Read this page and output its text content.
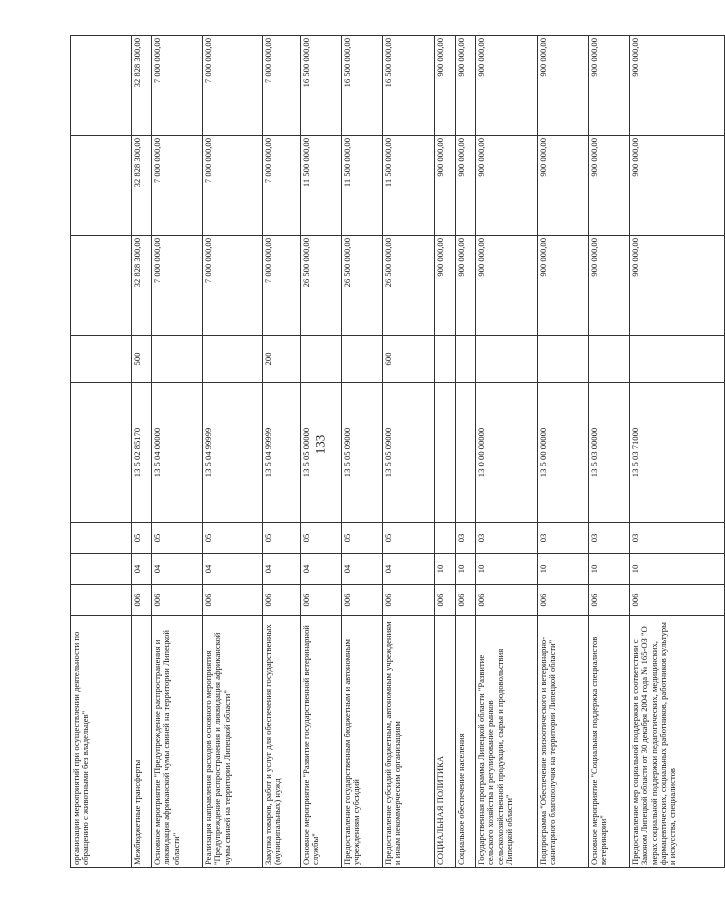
133
организации мероприятий при осуществлении деятельности по обращению с животными без владельцев"								
Межбюджетные трансферты	006	04	05	13 5 02 85170	500	32 828 300,00	32 828 300,00	32 828 300,00
Основное мероприятие "Предупреждение распространения и ликвидация африканской чумы свиней на территории Липецкой области"	006	04	05	13 5 04 00000		7 000 000,00	7 000 000,00	7 000 000,00
Реализация направления расходов основного мероприятия "Предупреждение распространения и ликвидация африканской чумы свиней на территории Липецкой области"	006	04	05	13 5 04 99999		7 000 000,00	7 000 000,00	7 000 000,00
Закупка товаров, работ и услуг для обеспечения государственных (муниципальных) нужд	006	04	05	13 5 04 99999	200	7 000 000,00	7 000 000,00	7 000 000,00
Основное мероприятие "Развитие государственной ветеринарной службы"	006	04	05	13 5 05 00000		26 500 000,00	11 500 000,00	16 500 000,00
Предоставление государственным бюджетным и автономным учреждениям субсидий	006	04	05	13 5 05 09000		26 500 000,00	11 500 000,00	16 500 000,00
Предоставление субсидий бюджетным, автономным учреждениям и иным некоммерческим организациям	006	04	05	13 5 05 09000	600	26 500 000,00	11 500 000,00	16 500 000,00
СОЦИАЛЬНАЯ ПОЛИТИКА	006	10				900 000,00	900 000,00	900 000,00
Социальное обеспечение населения	006	10	03			900 000,00	900 000,00	900 000,00
Государственная программа Липецкой области "Развитие сельского хозяйства и регулирование рынков сельскохозяйственной продукции, сырья и продовольствия Липецкой области"	006	10	03	13 0 00 00000		900 000,00	900 000,00	900 000,00
Подпрограмма "Обеспечение эпизоотического и ветеринарно-санитарного благополучия на территории Липецкой области"	006	10	03	13 5 00 00000		900 000,00	900 000,00	900 000,00
Основное мероприятие "Социальная поддержка специалистов ветеринарии"	006	10	03	13 5 03 00000		900 000,00	900 000,00	900 000,00
Предоставление мер социальной поддержки в соответствии с Законом Липецкой области от 30 декабря 2004 года № 165-ОЗ "О мерах социальной поддержки педагогических, медицинских, фармацевтических, социальных работников, работников культуры и искусства, специалистов	006	10	03	13 5 03 71000		900 000,00	900 000,00	900 000,00
